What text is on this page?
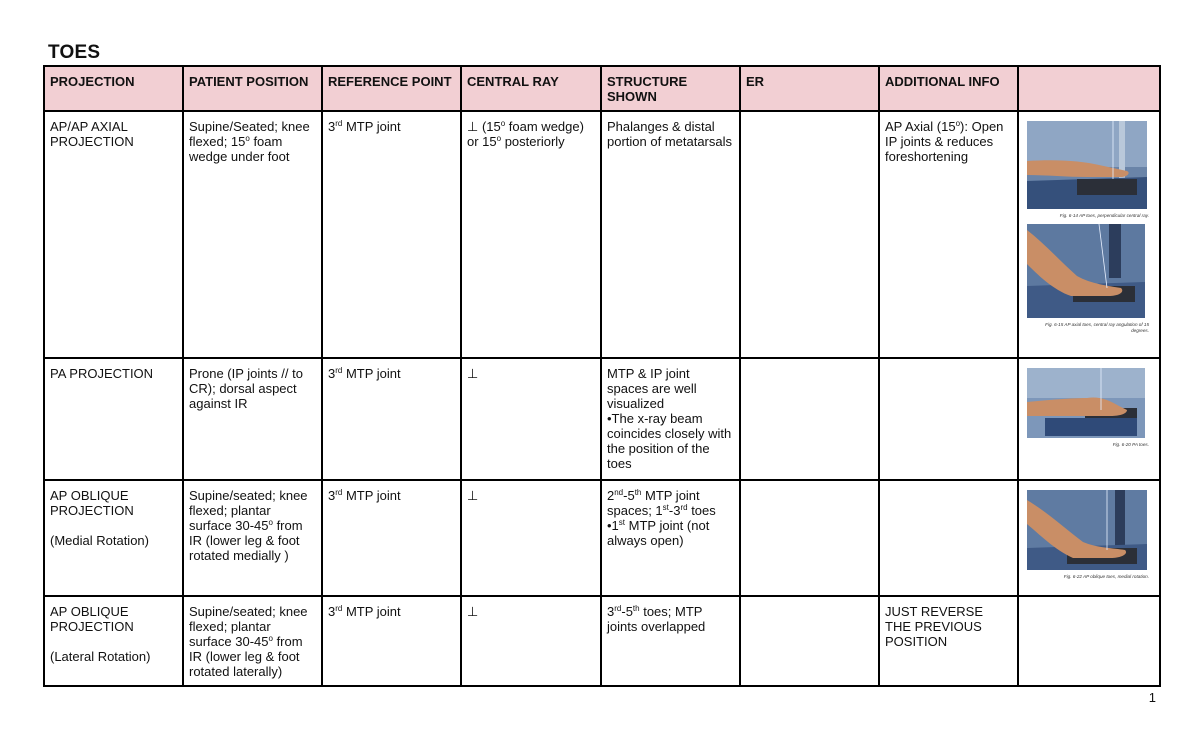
TOES
PROJECTION	PATIENT POSITION	REFERENCE POINT	CENTRAL RAY	STRUCTURE SHOWN	ER	ADDITIONAL INFO	
AP/AP AXIAL PROJECTION	Supine/Seated; knee flexed; 15$^o$ foam wedge under foot	3rd MTP joint	⊥ (15$^o$ foam wedge) or 15$^o$ posteriorly	Phalanges & distal portion of metatarsals		AP Axial (15$^o$): Open IP joints & reduces foreshortening	Fig. 6-14 AP toes, perpendicular central ray.
Fig. 6-15 AP axial toes, central ray angulation of 15 degrees.

PA PROJECTION	Prone (IP joints // to CR); dorsal aspect against IR	3rd MTP joint	⊥	MTP & IP joint spaces are well visualized
•The x-ray beam coincides closely with the position of the toes			Fig. 6-20 PA toes.

AP OBLIQUE PROJECTION
(Medial Rotation)	Supine/seated; knee flexed; plantar surface 30-45$^o$ from IR (lower leg & foot rotated medially )	3rd MTP joint	⊥	2nd-5th MTP joint spaces; 1st-3rd toes
•1st MTP joint (not always open)			Fig. 6-22 AP oblique toes, medial rotation.

AP OBLIQUE PROJECTION
(Lateral Rotation)	Supine/seated; knee flexed; plantar surface 30-45$^o$ from IR (lower leg & foot rotated laterally)	3rd MTP joint	⊥	3rd-5th toes; MTP joints overlapped		JUST REVERSE THE PREVIOUS POSITION	
1
